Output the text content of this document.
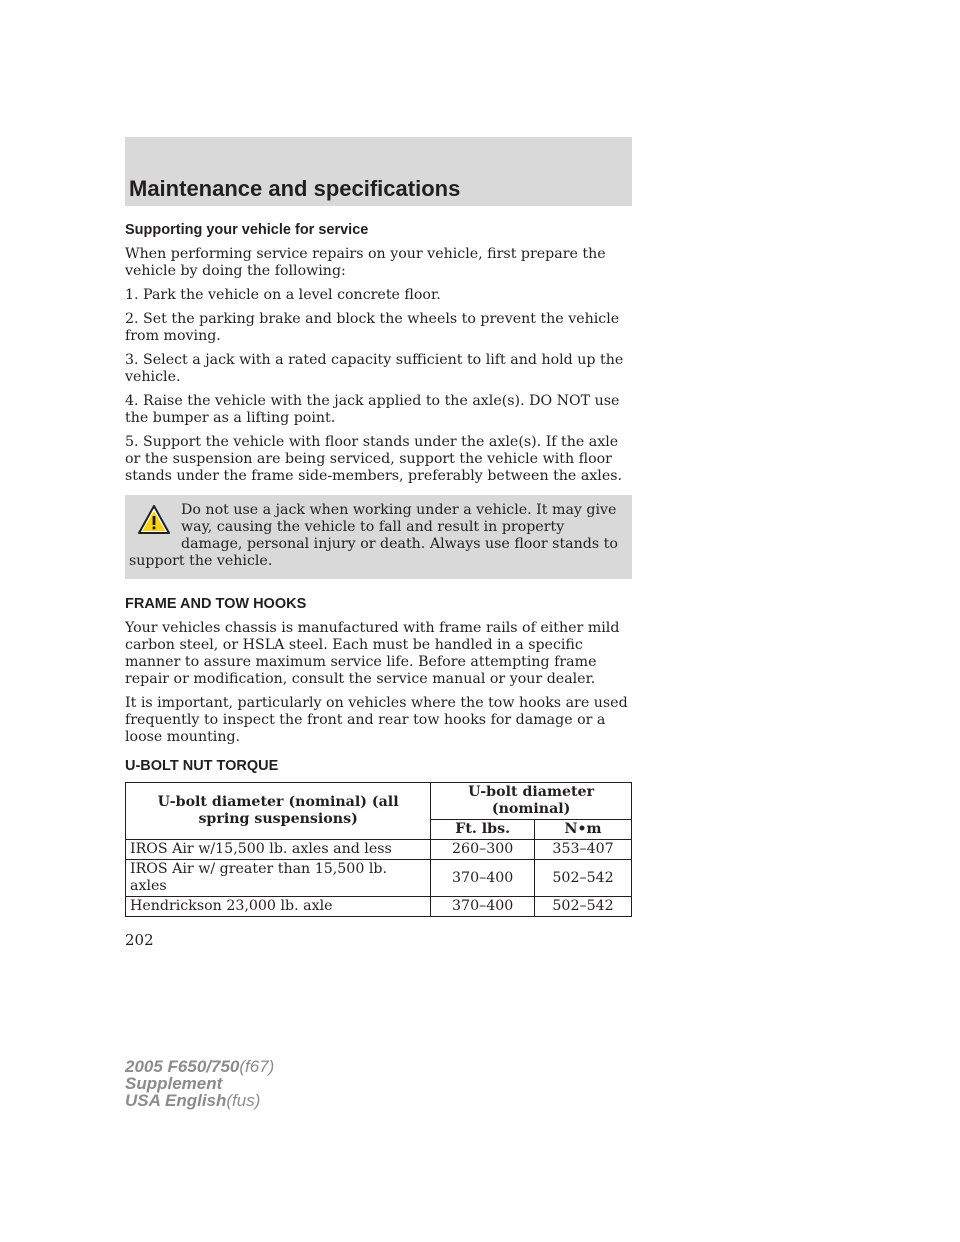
Maintenance and specifications
Supporting your vehicle for service

When performing service repairs on your vehicle, first prepare the vehicle by doing the following:

1. Park the vehicle on a level concrete floor.

2. Set the parking brake and block the wheels to prevent the vehicle from moving.

3. Select a jack with a rated capacity sufficient to lift and hold up the vehicle.

4. Raise the vehicle with the jack applied to the axle(s). DO NOT use the bumper as a lifting point.

5. Support the vehicle with floor stands under the axle(s). If the axle or the suspension are being serviced, support the vehicle with floor stands under the frame side-members, preferably between the axles.

Do not use a jack when working under a vehicle. It may give way, causing the vehicle to fall and result in property damage, personal injury or death. Always use floor stands to support the vehicle.

FRAME AND TOW HOOKS

Your vehicles chassis is manufactured with frame rails of either mild carbon steel, or HSLA steel. Each must be handled in a specific manner to assure maximum service life. Before attempting frame repair or modification, consult the service manual or your dealer.

It is important, particularly on vehicles where the tow hooks are used frequently to inspect the front and rear tow hooks for damage or a loose mounting.

U-BOLT NUT TORQUE
U-bolt diameter (nominal) (all spring suspensions)	U-bolt diameter (nominal)	
	Ft. lbs.	N•m
IROS Air w/15,500 lb. axles and less	260–300	353–407
IROS Air w/ greater than 15,500 lb. axles	370–400	502–542
Hendrickson 23,000 lb. axle	370–400	502–542
202
2005 F650/750(f67)
Supplement
USA English(fus)
